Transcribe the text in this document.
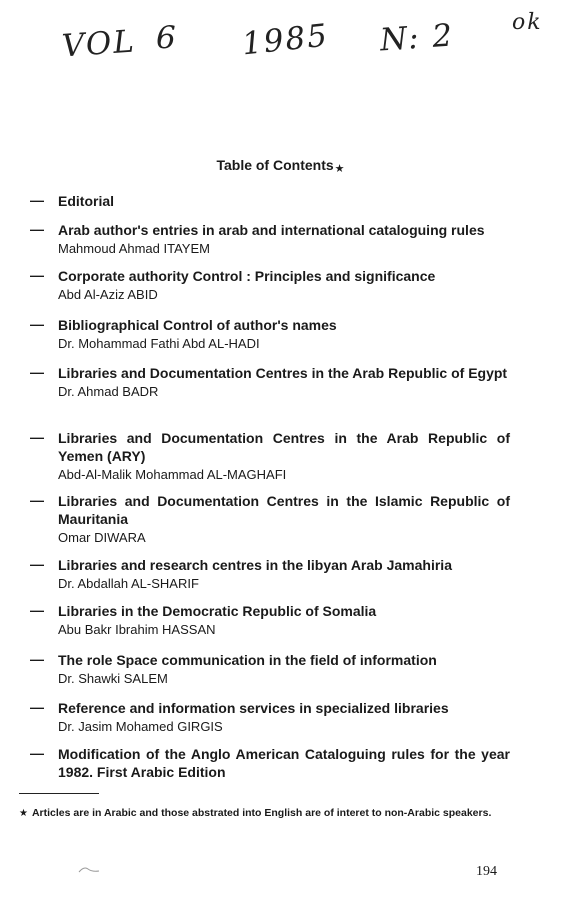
VOL 6 1985 N: 2	ok
Table of Contents★
— Editorial
— Arab author's entries in arab and international cataloguing rules
Mahmoud Ahmad ITAYEM
— Corporate authority Control : Principles and significance
Abd Al-Aziz ABID
— Bibliographical Control of author's names
Dr. Mohammad Fathi Abd AL-HADI
— Libraries and Documentation Centres in the Arab Republic of Egypt
Dr. Ahmad BADR
— Libraries and Documentation Centres in the Arab Republic of Yemen (ARY)
Abd-Al-Malik Mohammad AL-MAGHAFI
— Libraries and Documentation Centres in the Islamic Republic of Mauritania
Omar DIWARA
— Libraries and research centres in the libyan Arab Jamahiria
Dr. Abdallah AL-SHARIF
— Libraries in the Democratic Republic of Somalia
Abu Bakr Ibrahim HASSAN
— The role Space communication in the field of information
Dr. Shawki SALEM
— Reference and information services in specialized libraries
Dr. Jasim Mohamed GIRGIS
— Modification of the Anglo American Cataloguing rules for the year 1982. First Arabic Edition
★ Articles are in Arabic and those abstrated into English are of interet to non-Arabic speakers.
194
